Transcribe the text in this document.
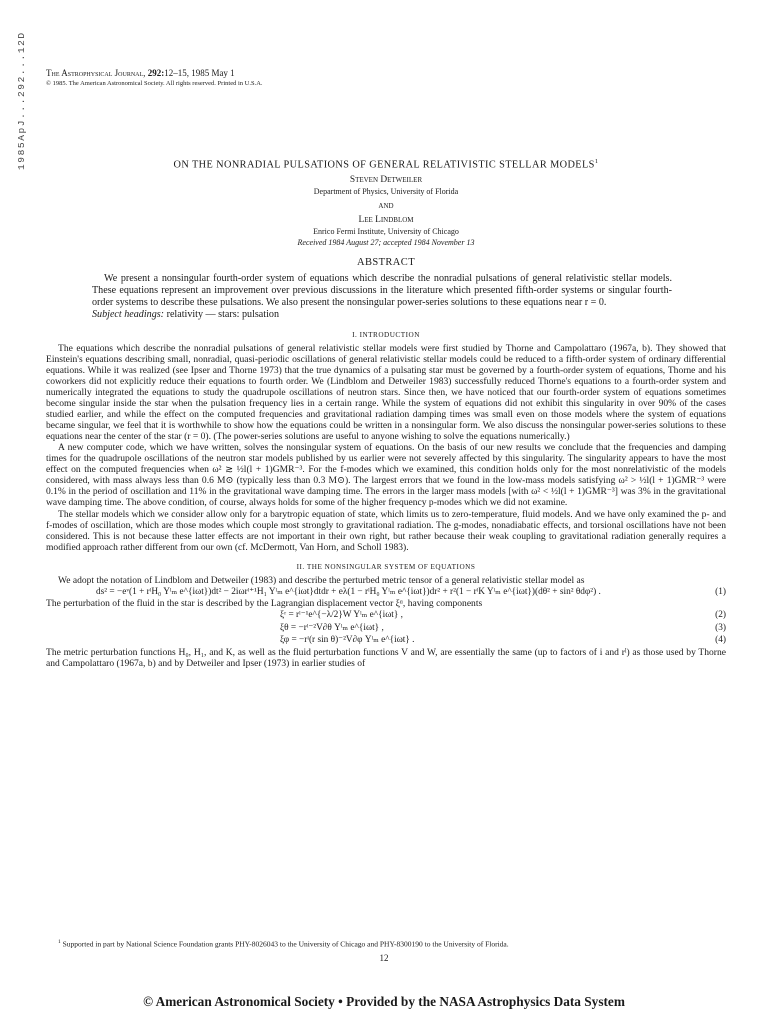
1985ApJ...292...12D The Astrophysical Journal, 292:12–15, 1985 May 1
© 1985. The American Astronomical Society. All rights reserved. Printed in U.S.A.
ON THE NONRADIAL PULSATIONS OF GENERAL RELATIVISTIC STELLAR MODELS$^1$
Steven Detweiler
Department of Physics, University of Florida
AND
Lee Lindblom
Enrico Fermi Institute, University of Chicago
Received 1984 August 27; accepted 1984 November 13
ABSTRACT

We present a nonsingular fourth-order system of equations which describe the nonradial pulsations of general relativistic stellar models. These equations represent an improvement over previous discussions in the literature which presented fifth-order systems or singular fourth-order systems to describe these pulsations. We also present the nonsingular power-series solutions to these equations near r = 0.

Subject headings: relativity — stars: pulsation

I. INTRODUCTION

The equations which describe the nonradial pulsations of general relativistic stellar models were first studied by Thorne and Campolattaro (1967a, b). They showed that Einstein's equations describing small, nonradial, quasi-periodic oscillations of general relativistic stellar models could be reduced to a fifth-order system of ordinary differential equations. While it was realized (see Ipser and Thorne 1973) that the true dynamics of a pulsating star must be governed by a fourth-order system of equations, Thorne and his coworkers did not explicitly reduce their equations to fourth order. We (Lindblom and Detweiler 1983) successfully reduced Thorne's equations to a fourth-order system and numerically integrated the equations to study the quadrupole oscillations of neutron stars. Since then, we have noticed that our fourth-order system of equations sometimes become singular inside the star when the pulsation frequency lies in a certain range. While the system of equations did not exhibit this singularity in over 90% of the cases studied earlier, and while the effect on the computed frequencies and gravitational radiation damping times was small even on those models where the system of equations became singular, we feel that it is worthwhile to show how the equations could be written in a nonsingular form. We also discuss the nonsingular power-series solutions to these equations near the center of the star (r = 0). (The power-series solutions are useful to anyone wishing to solve the equations numerically.)

A new computer code, which we have written, solves the nonsingular system of equations. On the basis of our new results we conclude that the frequencies and damping times for the quadrupole oscillations of the neutron star models published by us earlier were not severely affected by this singularity. The singularity appears to have the most effect on the computed frequencies when ω² ≳ ½l(l + 1)GMR⁻³. For the f-modes which we examined, this condition holds only for the most nonrelativistic of the models considered, with mass always less than 0.6 M⊙ (typically less than 0.3 M⊙). The largest errors that we found in the low-mass models satisfying ω² > ½l(l + 1)GMR⁻³ were 0.1% in the period of oscillation and 11% in the gravitational wave damping time. The errors in the larger mass models [with ω² < ½l(l + 1)GMR⁻³] was 3% in the gravitational wave damping time. The above condition, of course, always holds for some of the higher frequency p-modes which we did not examine.

The stellar models which we consider allow only for a barytropic equation of state, which limits us to zero-temperature, fluid models. And we have only examined the p- and f-modes of oscillation, which are those modes which couple most strongly to gravitational radiation. The g-modes, nonadiabatic effects, and torsional oscillations have not been considered. This is not because these latter effects are not important in their own right, but rather because their weak coupling to gravitational radiation generally requires a modified approach rather different from our own (cf. McDermott, Van Horn, and Scholl 1983).

II. THE NONSINGULAR SYSTEM OF EQUATIONS

We adopt the notation of Lindblom and Detweiler (1983) and describe the perturbed metric tensor of a general relativistic stellar model as

ds² = −eᵛ(1 + rˡH₀ Yˡₘ e^{iωt})dt² − 2iωrˡ⁺¹H₁ Yˡₘ e^{iωt}dtdr + eλ(1 − rˡH₀ Yˡₘ e^{iωt})dr² + r²(1 − rˡK Yˡₘ e^{iωt})(dθ² + sin² θdφ²) .	(1)

The perturbation of the fluid in the star is described by the Lagrangian displacement vector ξᵅ, having components

ξʳ = rˡ⁻¹e^{−λ/2}W Yˡₘ e^{iωt} ,	(2)
ξθ = −rˡ⁻²V∂θ Yˡₘ e^{iωt} ,	(3)
ξφ = −rˡ(r sin θ)⁻²V∂φ Yˡₘ e^{iωt} .	(4)

The metric perturbation functions H₀, H₁, and K, as well as the fluid perturbation functions V and W, are essentially the same (up to factors of i and rˡ) as those used by Thorne and Campolattaro (1967a, b) and by Detweiler and Ipser (1973) in earlier studies of

$^1$ Supported in part by National Science Foundation grants PHY-8026043 to the University of Chicago and PHY-8300190 to the University of Florida.
12
© American Astronomical Society • Provided by the NASA Astrophysics Data System
